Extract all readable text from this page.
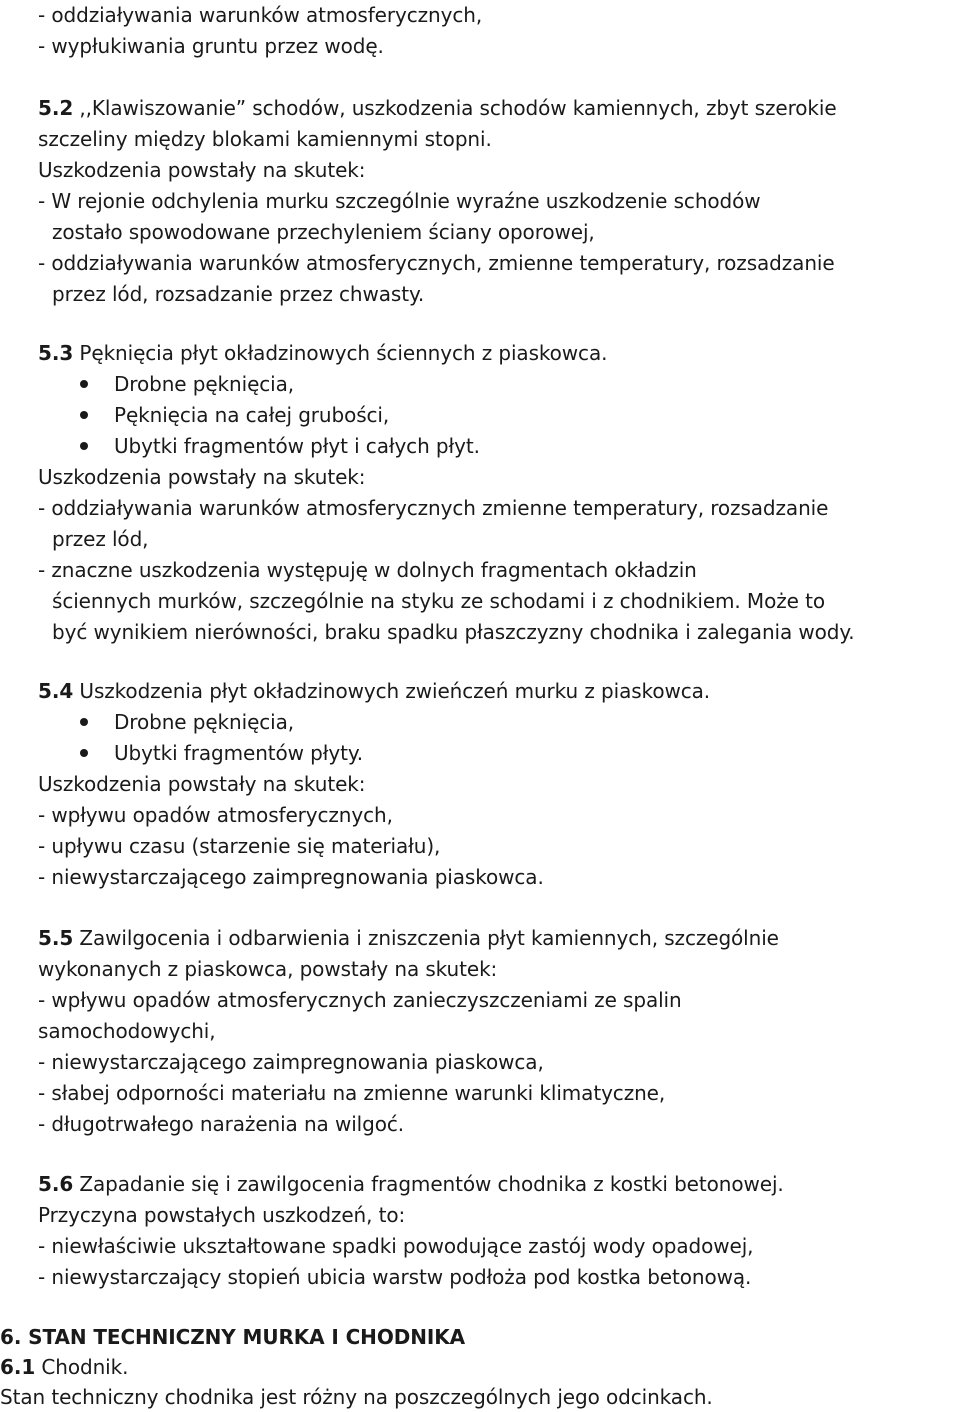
- oddziaływania warunków atmosferycznych,
- wypłukiwania gruntu przez wodę.
5.2 ,,Klawiszowanie” schodów, uszkodzenia schodów kamiennych, zbyt szerokie
szczeliny między blokami kamiennymi stopni.
Uszkodzenia powstały na skutek:
- W rejonie odchylenia murku szczególnie wyraźne uszkodzenie schodów
zostało spowodowane przechyleniem ściany oporowej,
- oddziaływania warunków atmosferycznych, zmienne temperatury, rozsadzanie
przez lód, rozsadzanie przez chwasty.
5.3 Pęknięcia płyt okładzinowych ściennych z piaskowca.
Drobne pęknięcia,
Pęknięcia na całej grubości,
Ubytki fragmentów płyt i całych płyt.
Uszkodzenia powstały na skutek:
- oddziaływania warunków atmosferycznych zmienne temperatury, rozsadzanie
przez lód,
- znaczne uszkodzenia występuję w dolnych fragmentach okładzin
ściennych murków, szczególnie na styku ze schodami i z chodnikiem. Może to
być wynikiem nierówności, braku spadku płaszczyzny chodnika i zalegania wody.
5.4 Uszkodzenia płyt okładzinowych zwieńczeń murku z piaskowca.
Drobne pęknięcia,
Ubytki fragmentów płyty.
Uszkodzenia powstały na skutek:
- wpływu opadów atmosferycznych,
- upływu czasu (starzenie się materiału),
- niewystarczającego zaimpregnowania piaskowca.
5.5 Zawilgocenia i odbarwienia i zniszczenia płyt kamiennych, szczególnie
wykonanych z piaskowca, powstały na skutek:
- wpływu opadów atmosferycznych zanieczyszczeniami ze spalin
samochodowychi,
- niewystarczającego zaimpregnowania piaskowca,
- słabej odporności materiału na zmienne warunki klimatyczne,
- długotrwałego narażenia na wilgoć.
5.6 Zapadanie się i zawilgocenia fragmentów chodnika z kostki betonowej.
Przyczyna powstałych uszkodzeń, to:
- niewłaściwie ukształtowane spadki powodujące zastój wody opadowej,
- niewystarczający stopień ubicia warstw podłoża pod kostka betonową.
6. STAN TECHNICZNY MURKA I CHODNIKA
6.1 Chodnik.
Stan techniczny chodnika jest różny na poszczególnych jego odcinkach.
